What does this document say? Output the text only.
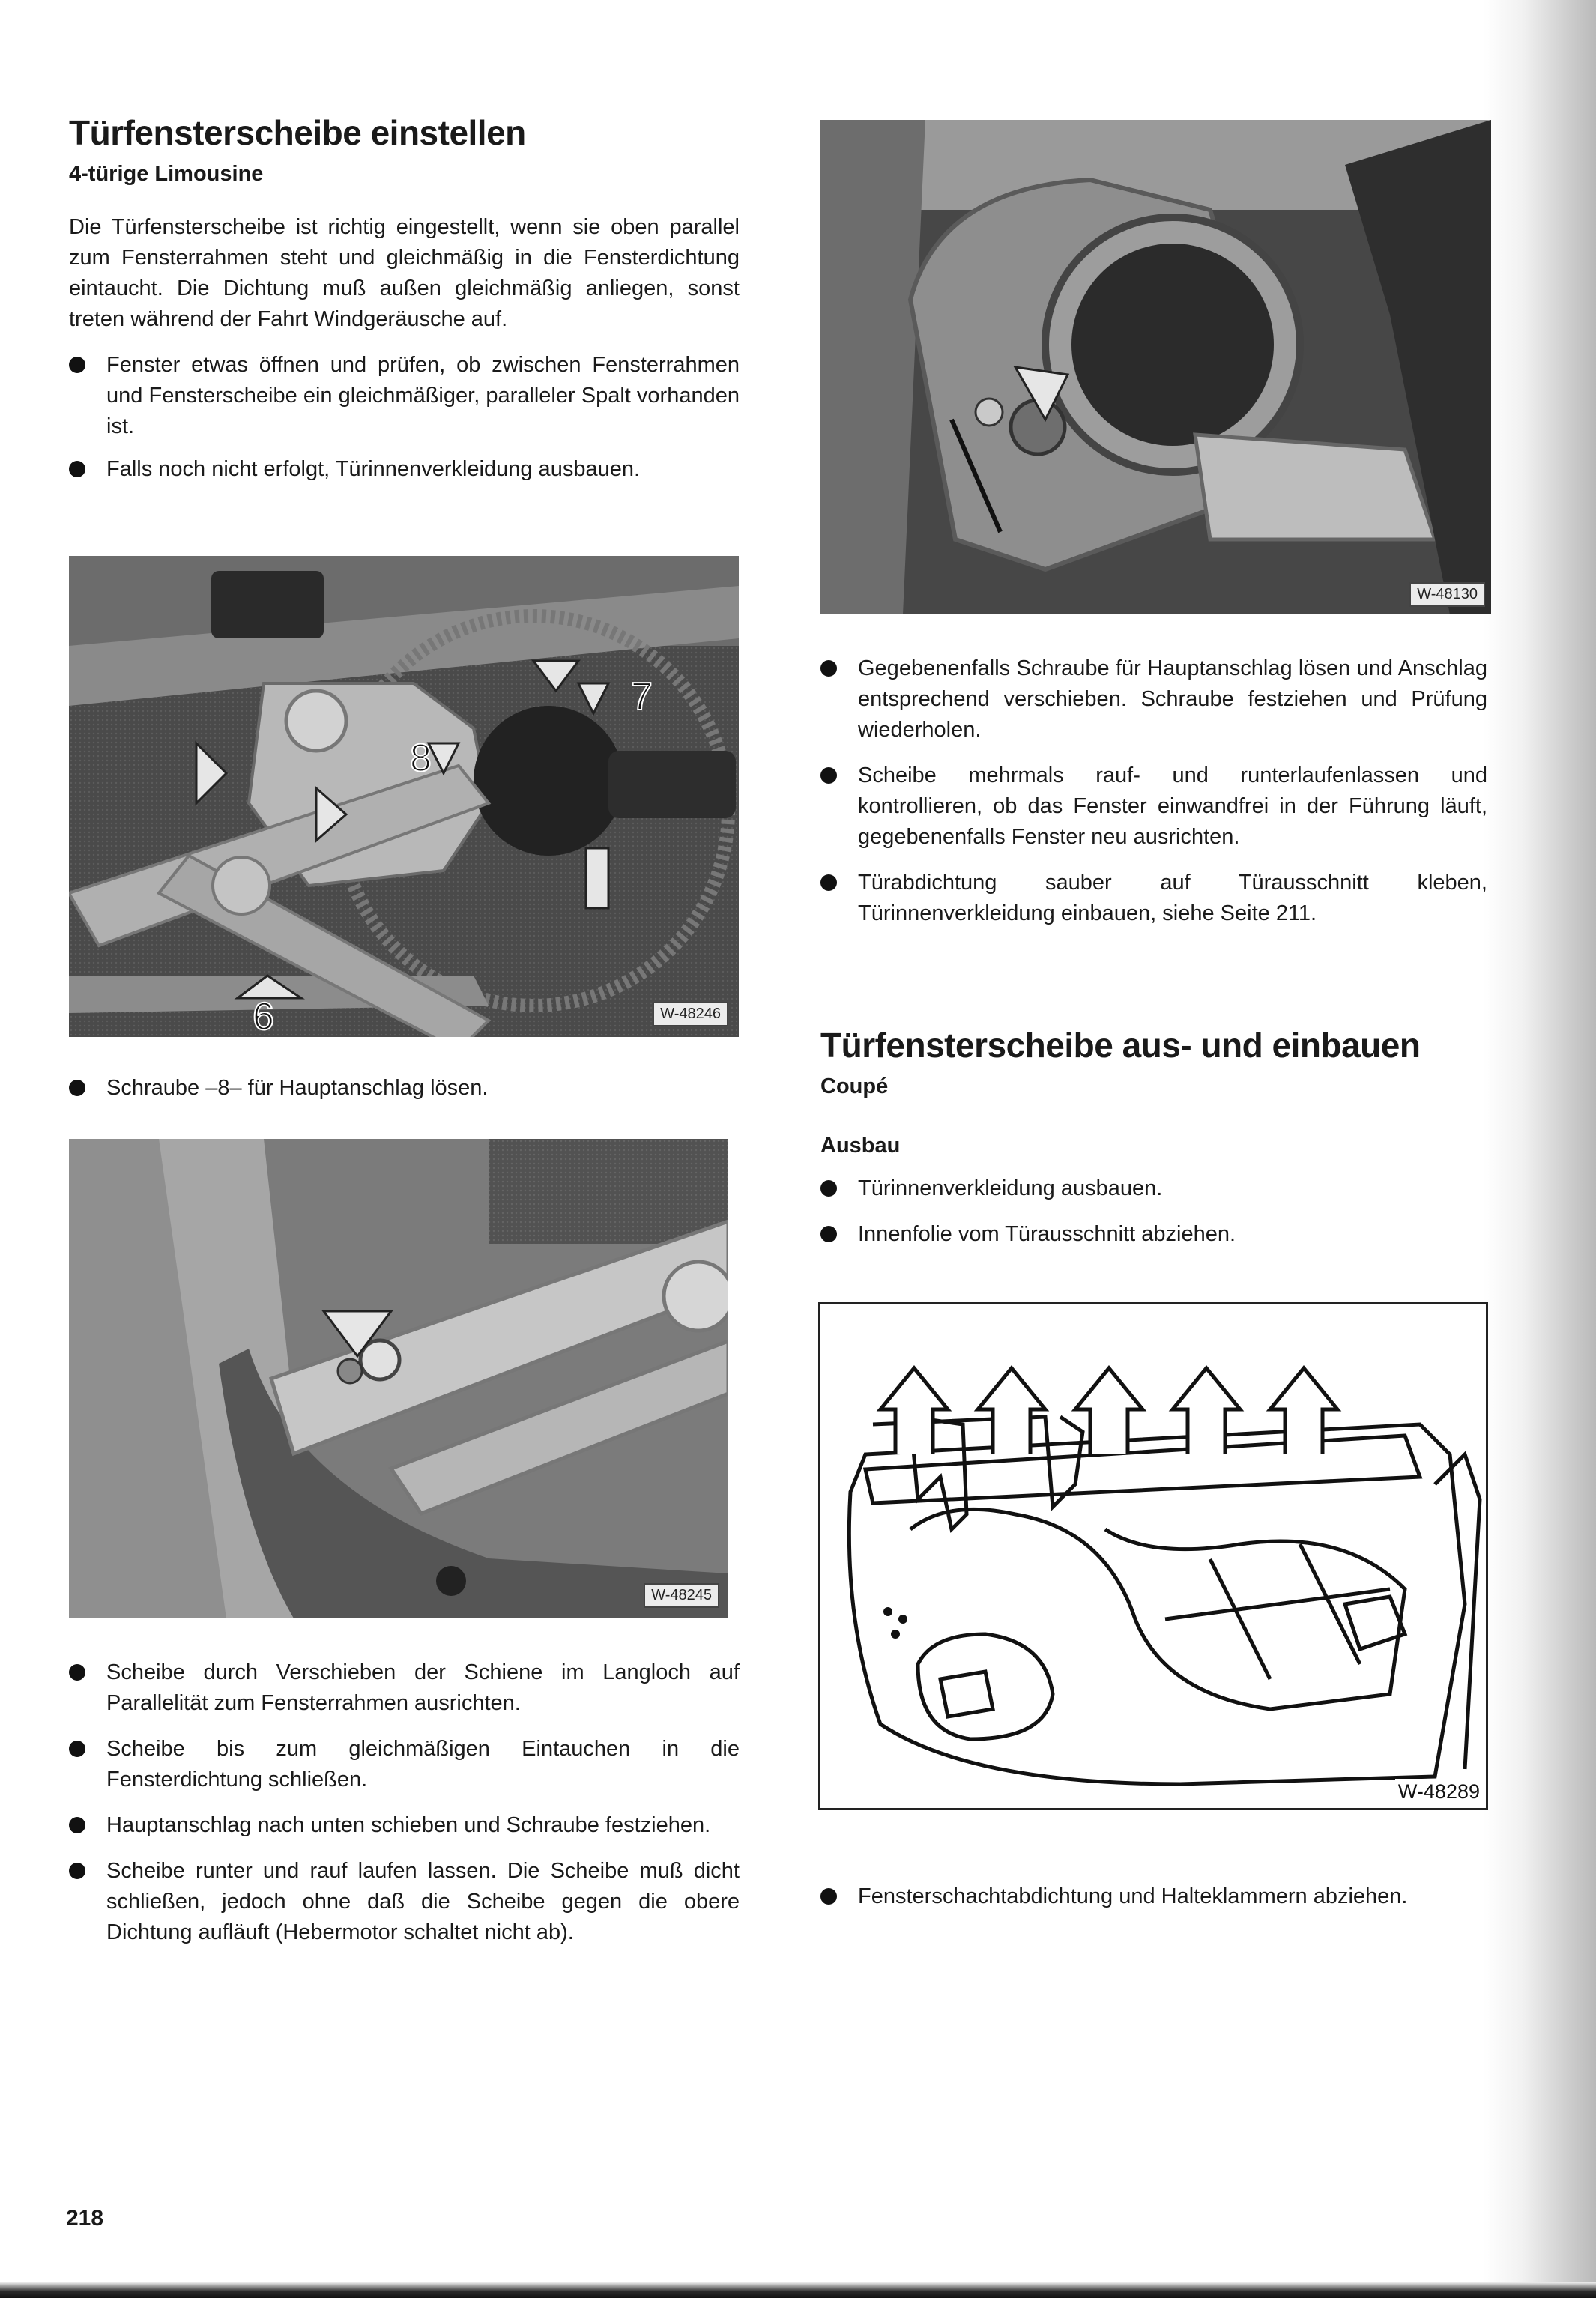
Türfensterscheibe einstellen
4-türige Limousine

Die Türfensterscheibe ist richtig eingestellt, wenn sie oben parallel zum Fensterrahmen steht und gleichmäßig in die Fensterdichtung eintaucht. Die Dichtung muß außen gleichmäßig anliegen, sonst treten während der Fahrt Windgeräusche auf.

Fenster etwas öffnen und prüfen, ob zwischen Fensterrahmen und Fensterscheibe ein gleichmäßiger, paralleler Spalt vorhanden ist.

Falls noch nicht erfolgt, Türinnenverkleidung ausbauen.

7
8
6	W-48246

Schraube –8– für Hauptanschlag lösen.

W-48245

Scheibe durch Verschieben der Schiene im Langloch auf Parallelität zum Fensterrahmen ausrichten.

Scheibe bis zum gleichmäßigen Eintauchen in die Fensterdichtung schließen.

Hauptanschlag nach unten schieben und Schraube festziehen.

Scheibe runter und rauf laufen lassen. Die Scheibe muß dicht schließen, jedoch ohne daß die Scheibe gegen die obere Dichtung aufläuft (Hebermotor schaltet nicht ab).

W-48130

Gegebenenfalls Schraube für Hauptanschlag lösen und Anschlag entsprechend verschieben. Schraube festziehen und Prüfung wiederholen.

Scheibe mehrmals rauf- und runterlaufenlassen und kontrollieren, ob das Fenster einwandfrei in der Führung läuft, gegebenenfalls Fenster neu ausrichten.

Türabdichtung sauber auf Türausschnitt kleben, Türinnenverkleidung einbauen, siehe Seite 211.

Türfensterscheibe aus- und einbauen
Coupé
Ausbau

Türinnenverkleidung ausbauen.

Innenfolie vom Türausschnitt abziehen.

W-48289

Fensterschachtabdichtung und Halteklammern abziehen.

218
